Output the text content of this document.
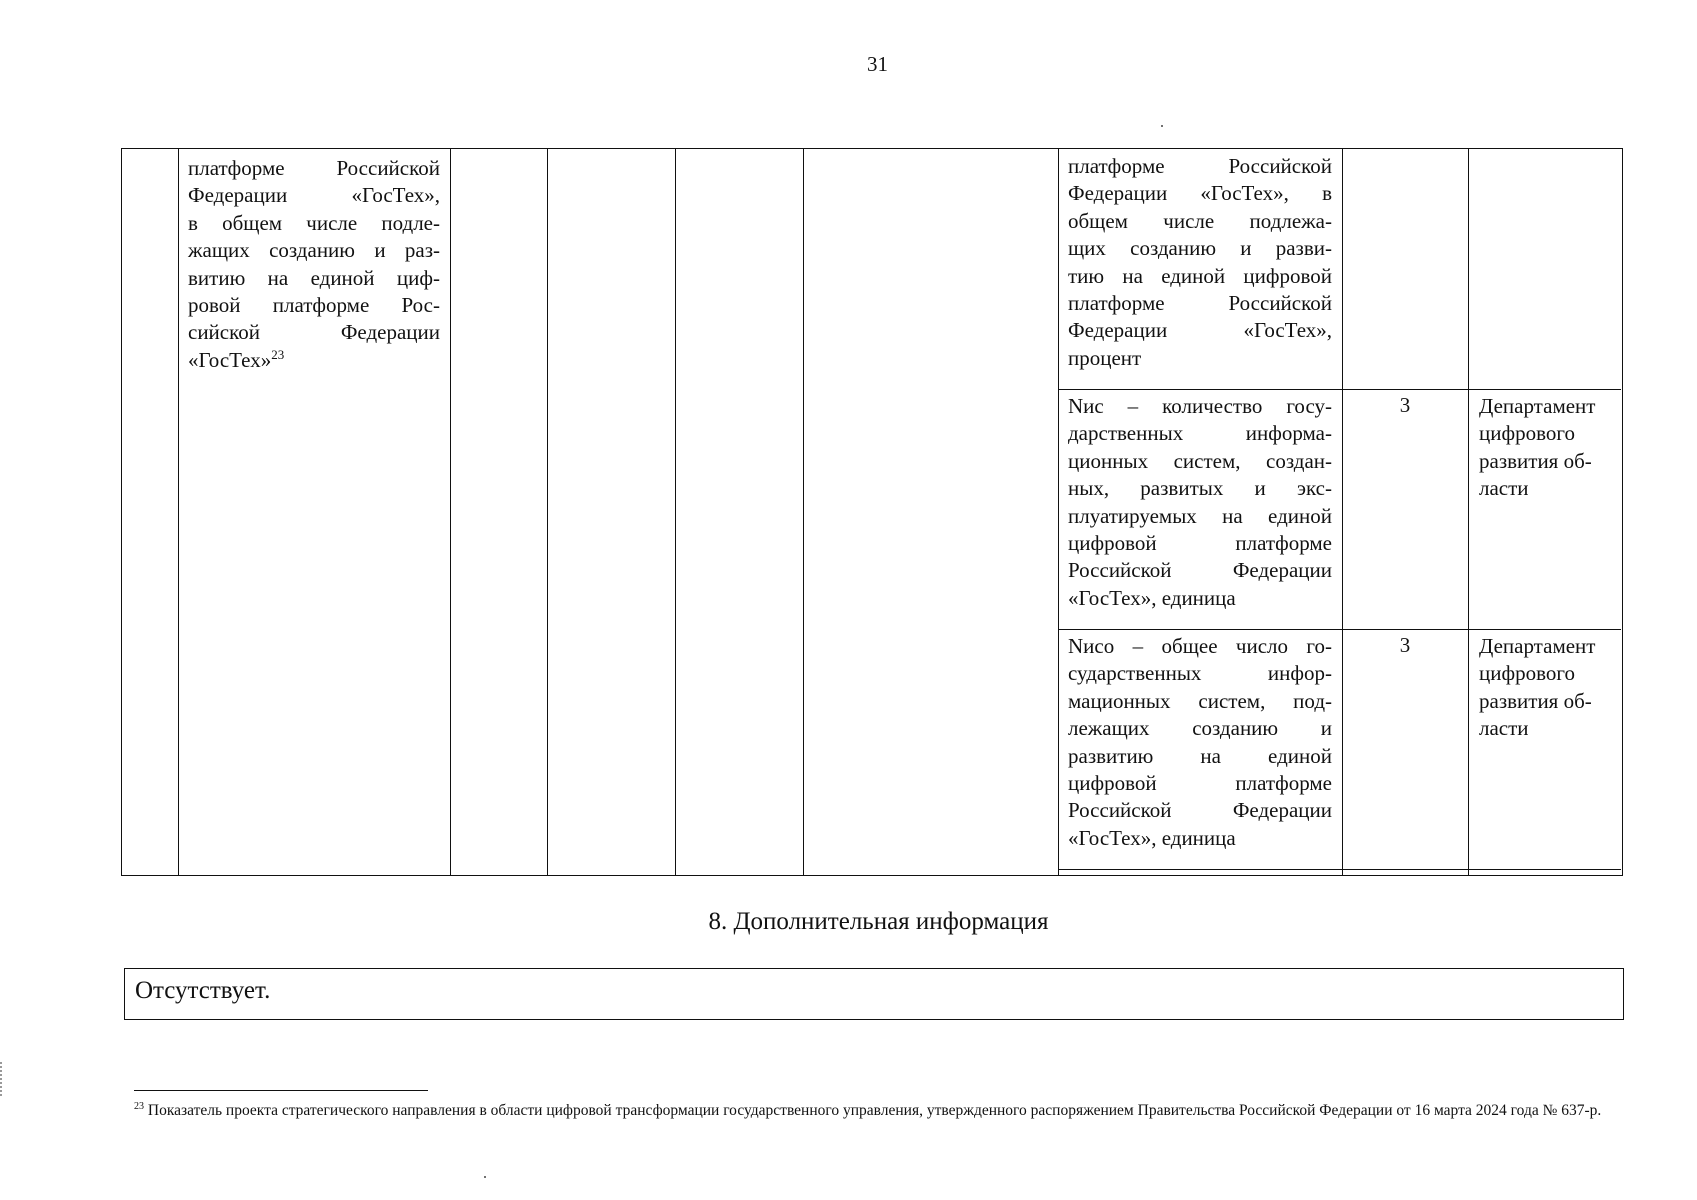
31
платформе Российской
Федерации «ГосТех»,
в общем числе подле-
жащих созданию и раз-
витию на единой циф-
ровой платформе Рос-
сийской Федерации
«ГосТех»$^{23}$
платформе Российской
Федерации «ГосТех», в
общем числе подлежа-
щих созданию и разви-
тию на единой цифровой
платформе Российской
Федерации «ГосТех»,
процент
Nис – количество госу-
дарственных информа-
ционных систем, создан-
ных, развитых и экс-
плуатируемых на единой
цифровой платформе
Российской Федерации
«ГосТех», единица
3	Департамент
цифрового
развития об-
ласти
Nисо – общее число го-
сударственных инфор-
мационных систем, под-
лежащих созданию и
развитию на единой
цифровой платформе
Российской Федерации
«ГосТех», единица
3	Департамент
цифрового
развития об-
ласти
8. Дополнительная информация
Отсутствует.
$^{23}$ Показатель проекта стратегического направления в области цифровой трансформации государственного управления, утвержденного распоряжением Правительства Российской Федерации от 16 марта 2024 года № 637-р.
